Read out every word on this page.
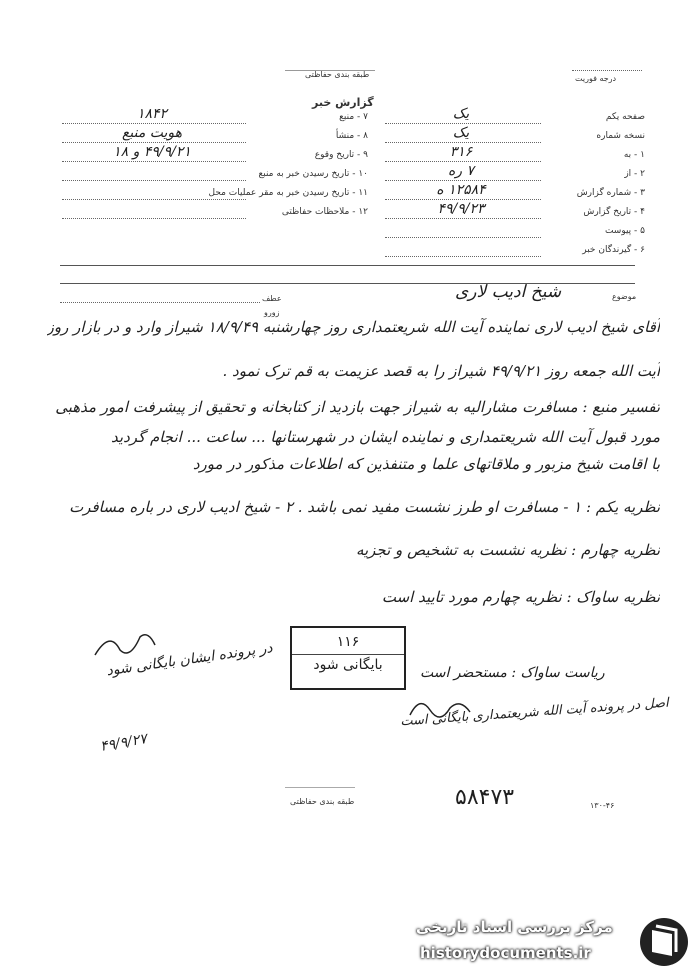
طبقه بندی حفاظتی
گزارش خبر
درجه فوریت
یک	صفحه یکم
یک	نسخه شماره
۳۱۶	۱ - به
۷ ره	۲ - از
۱۲۵۸۴ ه	۳ - شماره گزارش
۴۹/۹/۲۳	۴ - تاریخ گزارش
۵ - پیوست
۶ - گیرندگان خبر
۱۸۴۲	۷ - منبع
هویت منبع	۸ - منشأ
۴۹/۹/۲۱ و ۱۸	۹ - تاریخ وقوع
۱۰ - تاریخ رسیدن خبر به منبع
۱۱ - تاریخ رسیدن خبر به مقر عملیات محل
۱۲ - ملاحظات حفاظتی
موضوع
شیخ ادیب لاری
عطف
زورو
آقای شیخ ادیب لاری نماینده آیت الله شریعتمداری روز چهارشنبه ۱۸/۹/۴۹ شیراز وارد و در بازار روز
آیت الله جمعه روز ۴۹/۹/۲۱ شیراز را به قصد عزیمت به قم ترک نمود .
تفسیر منبع : مسافرت مشارالیه به شیراز جهت بازدید از کتابخانه و تحقیق از پیشرفت امور مذهبی
مورد قبول آیت الله شریعتمداری و نماینده ایشان در شهرستانها ... ساعت ... انجام گردید
با اقامت شیخ مزبور و ملاقاتهای علما و متنفذین که اطلاعات مذکور در مورد
نظریه یکم : ۱ - مسافرت او طرز نشست مفید نمی باشد . ۲ - شیخ ادیب لاری در باره مسافرت
نظریه چهارم : نظریه نشست به تشخیص و تجزیه
نظریه ساواک : نظریه چهارم مورد تایید است
۱۱۶
بایگانی شود
در پرونده ایشان بایگانی شود	ریاست ساواک : مستحضر است
اصل در پرونده آیت الله شریعتمداری بایگانی است
۴۹/۹/۲۷
طبقه بندی حفاظتی	۵۸۴۷۳	۱۳۰-۴۶
مرکز بررسی اسناد تاریخی
historydocuments.ir
